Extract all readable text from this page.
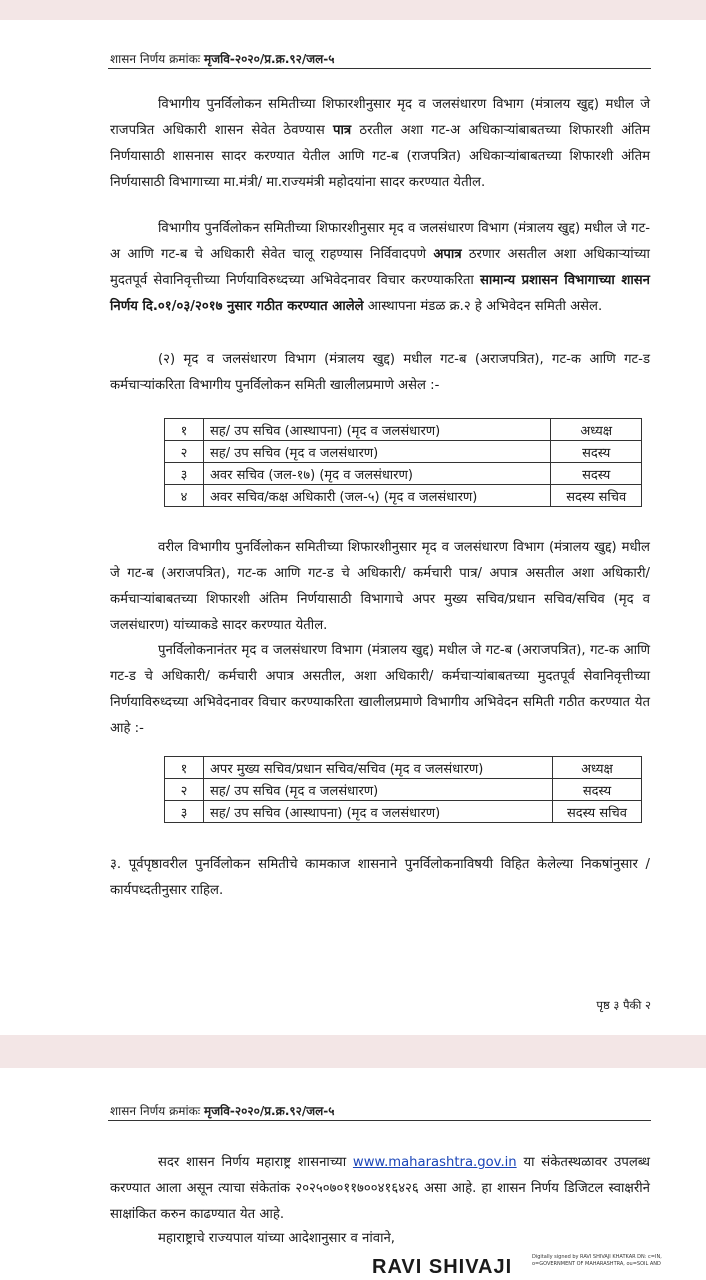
शासन निर्णय क्रमांकः मृजवि-२०२०/प्र.क्र.९२/जल-५

विभागीय पुनर्विलोकन समितीच्या शिफारशीनुसार मृद व जलसंधारण विभाग (मंत्रालय खुद्द) मधील जे राजपत्रित अधिकारी शासन सेवेत ठेवण्यास पात्र ठरतील अशा गट-अ अधिकाऱ्यांबाबतच्या शिफारशी अंतिम निर्णयासाठी शासनास सादर करण्यात येतील आणि गट-ब (राजपत्रित) अधिकाऱ्यांबाबतच्या शिफारशी अंतिम निर्णयासाठी विभागाच्या मा.मंत्री/ मा.राज्यमंत्री महोदयांना सादर करण्यात येतील.

विभागीय पुनर्विलोकन समितीच्या शिफारशीनुसार मृद व जलसंधारण विभाग (मंत्रालय खुद्द) मधील जे गट-अ आणि गट-ब चे अधिकारी सेवेत चालू राहण्यास निर्विवादपणे अपात्र ठरणार असतील अशा अधिकाऱ्यांच्या मुदतपूर्व सेवानिवृत्तीच्या निर्णयाविरुध्दच्या अभिवेदनावर विचार करण्याकरिता सामान्य प्रशासन विभागाच्या शासन निर्णय दि.०१/०३/२०१७ नुसार गठीत करण्यात आलेले आस्थापना मंडळ क्र.२ हे अभिवेदन समिती असेल.

(२) मृद व जलसंधारण विभाग (मंत्रालय खुद्द) मधील गट-ब (अराजपत्रित), गट-क आणि गट-ड कर्मचाऱ्यांकरिता विभागीय पुनर्विलोकन समिती खालीलप्रमाणे असेल :-

१	सह/ उप सचिव (आस्थापना) (मृद व जलसंधारण)	अध्यक्ष
२	सह/ उप सचिव (मृद व जलसंधारण)	सदस्य
३	अवर सचिव (जल-१७) (मृद व जलसंधारण)	सदस्य
४	अवर सचिव/कक्ष अधिकारी (जल-५) (मृद व जलसंधारण)	सदस्य सचिव

वरील विभागीय पुनर्विलोकन समितीच्या शिफारशीनुसार मृद व जलसंधारण विभाग (मंत्रालय खुद्द) मधील जे गट-ब (अराजपत्रित), गट-क आणि गट-ड चे अधिकारी/ कर्मचारी पात्र/ अपात्र असतील अशा अधिकारी/ कर्मचाऱ्यांबाबतच्या शिफारशी अंतिम निर्णयासाठी विभागाचे अपर मुख्य सचिव/प्रधान सचिव/सचिव (मृद व जलसंधारण) यांच्याकडे सादर करण्यात येतील.

पुनर्विलोकनानंतर मृद व जलसंधारण विभाग (मंत्रालय खुद्द) मधील जे गट-ब (अराजपत्रित), गट-क आणि गट-ड चे अधिकारी/ कर्मचारी अपात्र असतील, अशा अधिकारी/ कर्मचाऱ्यांबाबतच्या मुदतपूर्व सेवानिवृत्तीच्या निर्णयाविरुध्दच्या अभिवेदनावर विचार करण्याकरिता खालीलप्रमाणे विभागीय अभिवेदन समिती गठीत करण्यात येत आहे :-

१	अपर मुख्य सचिव/प्रधान सचिव/सचिव (मृद व जलसंधारण)	अध्यक्ष
२	सह/ उप सचिव (मृद व जलसंधारण)	सदस्य
३	सह/ उप सचिव (आस्थापना) (मृद व जलसंधारण)	सदस्य सचिव

३. पूर्वपृष्ठावरील पुनर्विलोकन समितीचे कामकाज शासनाने पुनर्विलोकनाविषयी विहित केलेल्या निकषांनुसार / कार्यपध्दतीनुसार राहिल.

पृष्ठ ३ पैकी २
शासन निर्णय क्रमांकः मृजवि-२०२०/प्र.क्र.९२/जल-५

सदर शासन निर्णय महाराष्ट्र शासनाच्या www.maharashtra.gov.in या संकेतस्थळावर उपलब्ध करण्यात आला असून त्याचा संकेतांक २०२५०७०११७००४१६४२६ असा आहे. हा शासन निर्णय डिजिटल स्वाक्षरीने साक्षांकित करुन काढण्यात येत आहे.

महाराष्ट्राचे राज्यपाल यांच्या आदेशानुसार व नांवाने,

RAVI SHIVAJI	Digitally signed by RAVI SHIVAJI KHATKAR DN: c=IN, o=GOVERNMENT OF MAHARASHTRA, ou=SOIL AND
